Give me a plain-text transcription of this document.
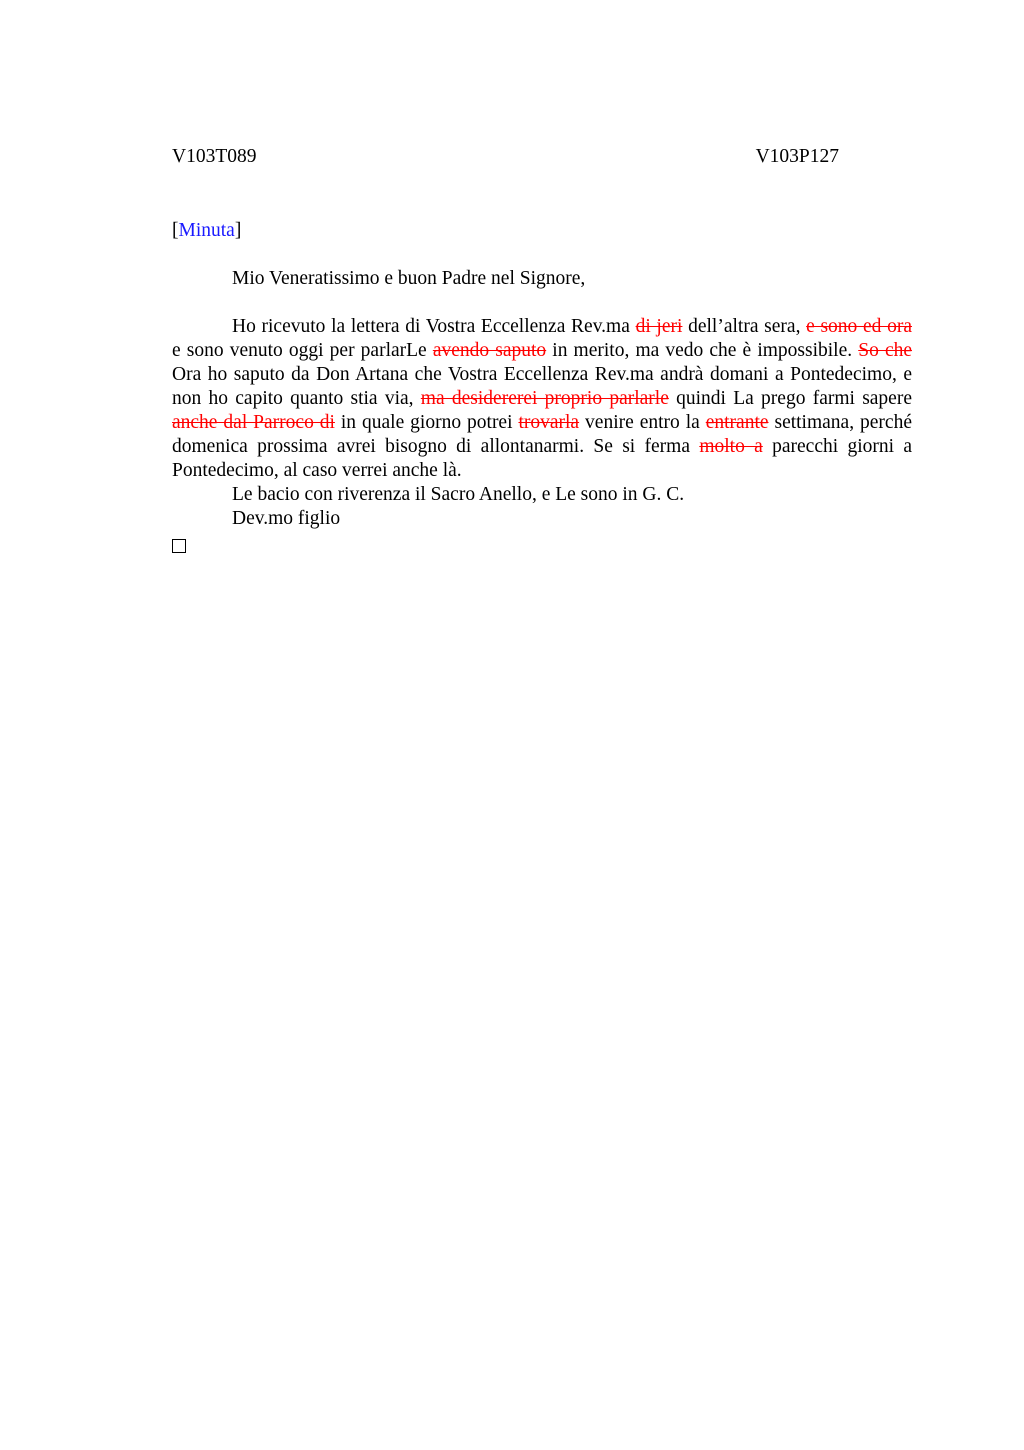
V103T089	V103P127
[Minuta]
Mio Veneratissimo e buon Padre nel Signore,
Ho ricevuto la lettera di Vostra Eccellenza Rev.ma di jeri dell’altra sera, e sono ed ora e sono venuto oggi per parlarLe avendo saputo in merito, ma vedo che è impossibile. So che Ora ho saputo da Don Artana che Vostra Eccellenza Rev.ma andrà domani a Pontedecimo, e non ho capito quanto stia via, ma desidererei proprio parlarle quindi La prego farmi sapere anche dal Parroco di in quale giorno potrei trovarla venire entro la entrante settimana, perché domenica prossima avrei bisogno di allontanarmi. Se si ferma molto a parecchi giorni a Pontedecimo, al caso verrei anche là.
Le bacio con riverenza il Sacro Anello, e Le sono in G. C.
Dev.mo figlio
